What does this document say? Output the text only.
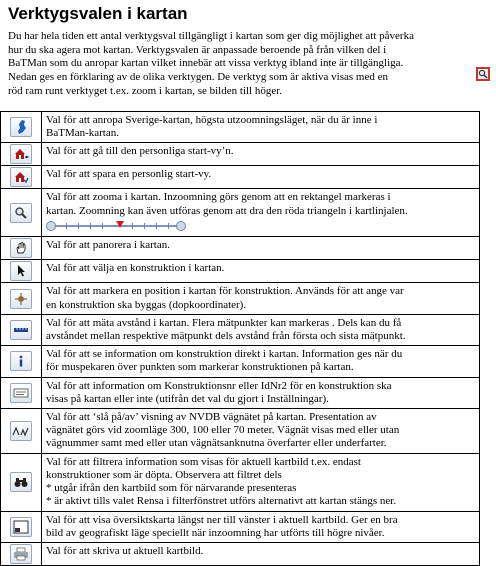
Verktygsvalen i kartan

Du har hela tiden ett antal verktygsval tillgängligt i kartan som ger dig möjlighet att påverka

hur du ska agera mot kartan. Verktygsvalen är anpassade beroende på från vilken del i

BaTMan som du anropar kartan vilket innebär att vissa verktyg ibland inte är tillgängliga.

Nedan ges en förklaring av de olika verktygen. De verktyg som är aktiva visas med en

röd ram runt verktyget t.ex. zoom i kartan, se bilden till höger.

Val för att anropa Sverige-kartan, högsta utzoomningsläget, när du är inne i
BaTMan-kartan.

Val för att gå till den personliga start-vy’n.

Val för att spara en personlig start-vy.

Val för att zooma i kartan. Inzoomning görs genom att en rektangel markeras i
kartan. Zoomning kan även utföras genom att dra den röda triangeln i kartlinjalen.

Val för att panorera i kartan.

Val för att välja en konstruktion i kartan.

Val för att markera en position i kartan för konstruktion. Används för att ange var
en konstruktion ska byggas (dopkoordinater).

Val för att mäta avstånd i kartan. Flera mätpunkter kan markeras . Dels kan du få
avståndet mellan respektive mätpunkt dels avstånd från första och sista mätpunkt.

Val för att se information om konstruktion direkt i kartan. Information ges när du
för muspekaren över punkten som markerar konstruktionen på kartan.

Val för att information om Konstruktionsnr eller IdNr2 för en konstruktion ska
visas på kartan eller inte (utifrån det val du gjort i Inställningar).

Val för att ‘slå på/av’ visning av NVDB vägnätet på kartan. Presentation av
vägnätet görs vid zoomläge 300, 100 eller 70 meter. Vägnät visas med eller utan
vägnummer samt med eller utan vägnätsanknutna överfarter eller underfarter.

Val för att filtrera information som visas för aktuell kartbild t.ex. endast
konstruktioner som är döpta. Observera att filtret dels
* utgår ifrån den kartbild som för närvarande presenteras
* är aktivt tills valet Rensa i filterfönstret utförs alternativt att kartan stängs ner.

Val för att visa översiktskarta längst ner till vänster i aktuell kartbild. Ger en bra
bild av geografiskt läge speciellt när inzoomning har utförts till högre nivåer.

Val för att skriva ut aktuell kartbild.
